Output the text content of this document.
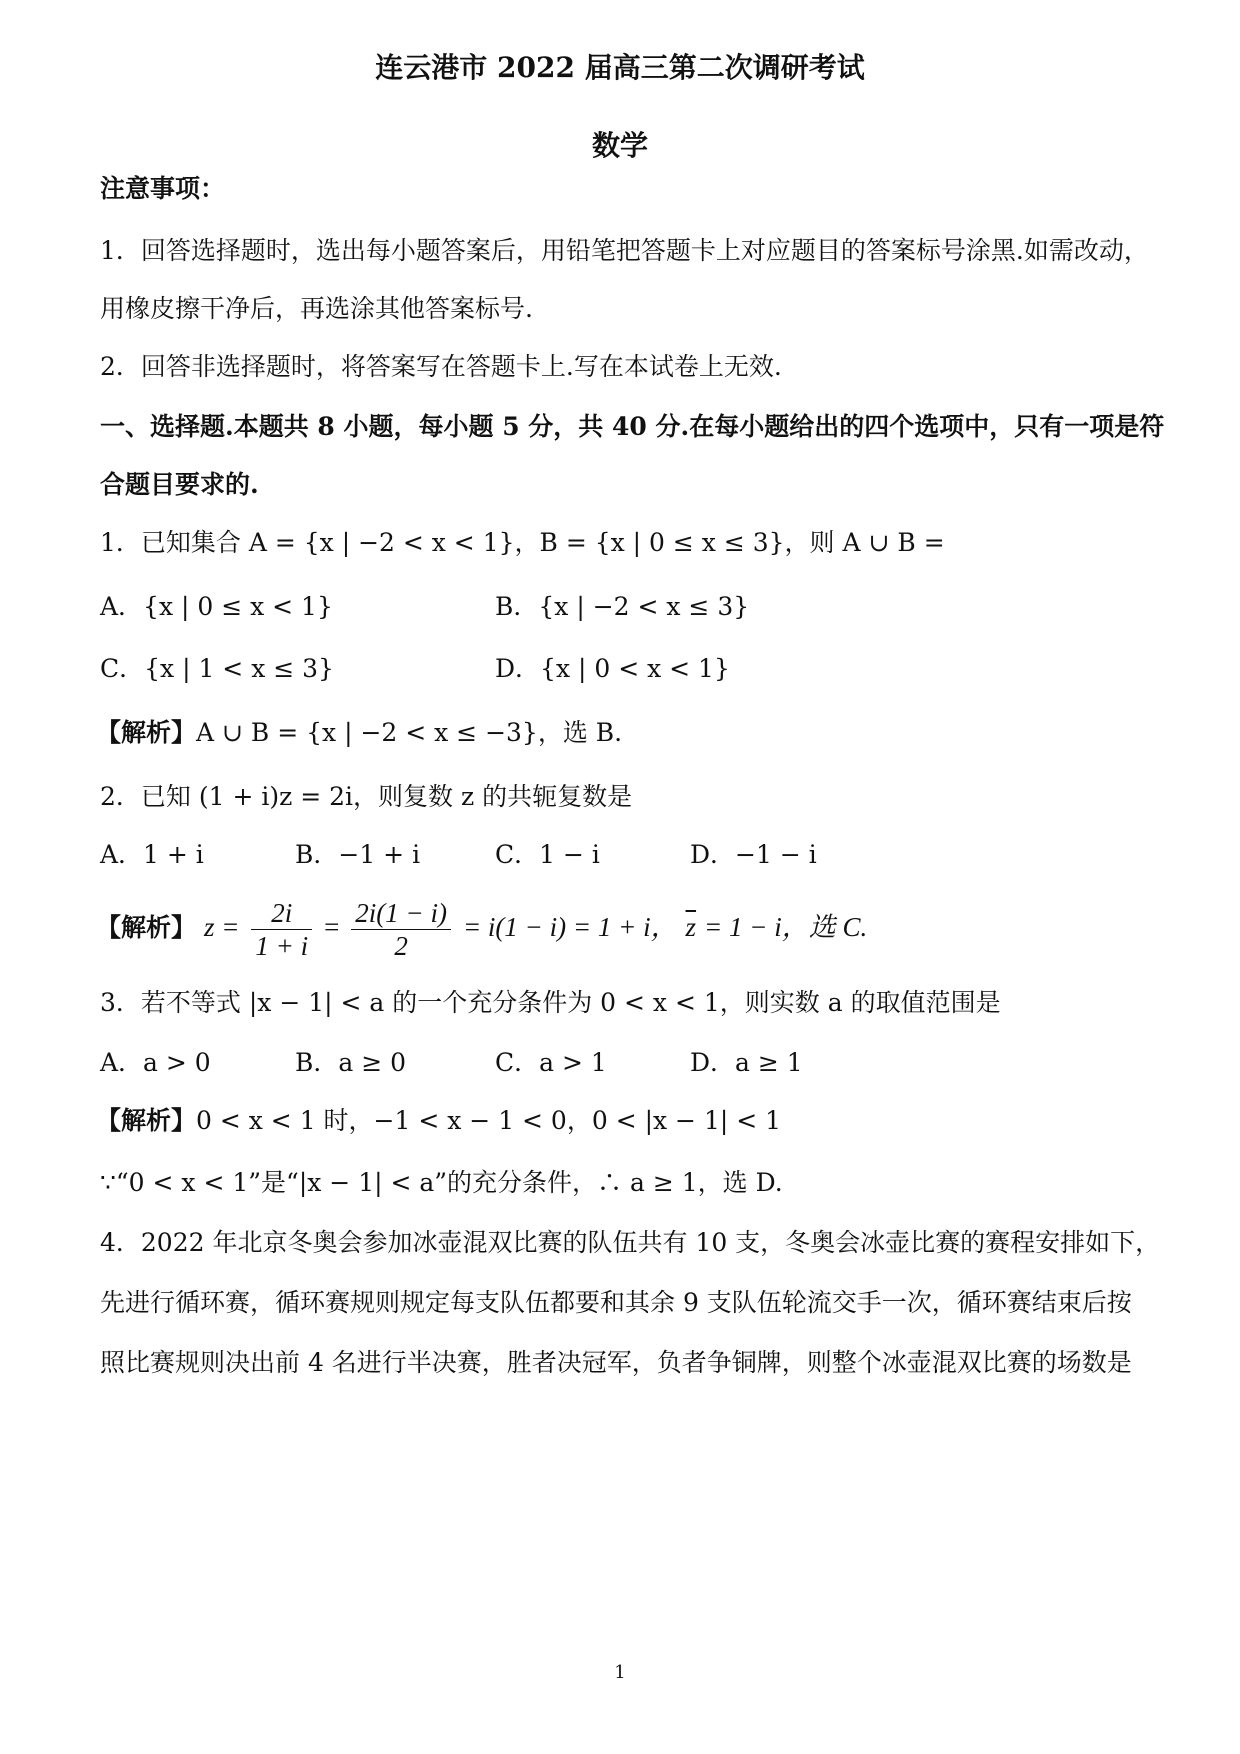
连云港市 2022 届高三第二次调研考试
数学
注意事项：
1．回答选择题时，选出每小题答案后，用铅笔把答题卡上对应题目的答案标号涂黑.如需改动，
用橡皮擦干净后，再选涂其他答案标号.
2．回答非选择题时，将答案写在答题卡上.写在本试卷上无效.
一、选择题.本题共 8 小题，每小题 5 分，共 40 分.在每小题给出的四个选项中，只有一项是符
合题目要求的.
1．已知集合 A = {x | −2 < x < 1}，B = {x | 0 ≤ x ≤ 3}，则 A ∪ B =
A．{x | 0 ≤ x < 1}	B．{x | −2 < x ≤ 3}
C．{x | 1 < x ≤ 3}	D．{x | 0 < x < 1}
【解析】A ∪ B = {x | −2 < x ≤ −3}，选 B.
2．已知 (1 + i)z = 2i，则复数 z 的共轭复数是
A．1 + i	B．−1 + i	C．1 − i	D．−1 − i
【解析】 $z = \frac{2i}{1 + i} = \frac{2i(1 - i)}{2} = i(1 - i) = 1 + i$， $\overline{z} = 1 - i$，选 C.
3．若不等式 |x − 1| < a 的一个充分条件为 0 < x < 1，则实数 a 的取值范围是
A．a > 0	B．a ≥ 0	C．a > 1	D．a ≥ 1
【解析】0 < x < 1 时，−1 < x − 1 < 0，0 < |x − 1| < 1
∵“0 < x < 1”是“|x − 1| < a”的充分条件，∴ a ≥ 1，选 D.
4．2022 年北京冬奥会参加冰壶混双比赛的队伍共有 10 支，冬奥会冰壶比赛的赛程安排如下，
先进行循环赛，循环赛规则规定每支队伍都要和其余 9 支队伍轮流交手一次，循环赛结束后按
照比赛规则决出前 4 名进行半决赛，胜者决冠军，负者争铜牌，则整个冰壶混双比赛的场数是
1
